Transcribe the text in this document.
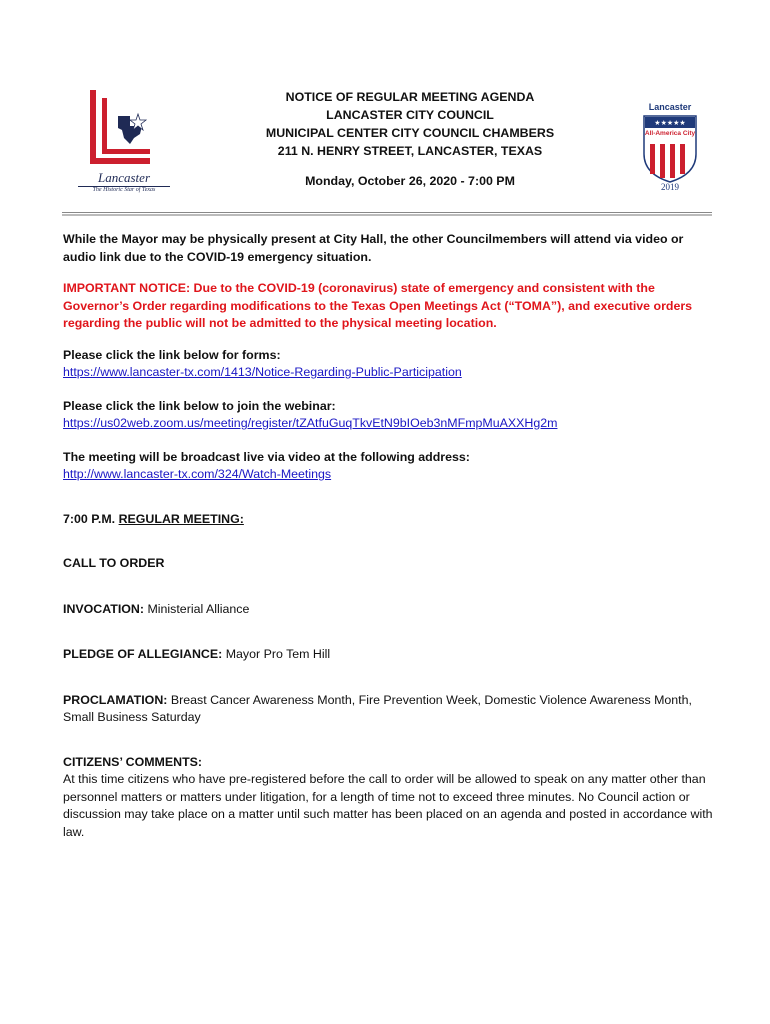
Lancaster
The Historic Star of Texas
Lancaster
★★★★★
All-America City
2019
NOTICE OF REGULAR MEETING AGENDA
LANCASTER CITY COUNCIL
MUNICIPAL CENTER CITY COUNCIL CHAMBERS
211 N. HENRY STREET, LANCASTER, TEXAS
Monday, October 26, 2020 - 7:00 PM

While the Mayor may be physically present at City Hall, the other Councilmembers will attend via video or audio link due to the COVID-19 emergency situation.

IMPORTANT NOTICE: Due to the COVID-19 (coronavirus) state of emergency and consistent with the Governor’s Order regarding modifications to the Texas Open Meetings Act (“TOMA”), and executive orders regarding the public will not be admitted to the physical meeting location.

Please click the link below for forms:

https://www.lancaster-tx.com/1413/Notice-Regarding-Public-Participation

Please click the link below to join the webinar:

https://us02web.zoom.us/meeting/register/tZAtfuGuqTkvEtN9bIOeb3nMFmpMuAXXHg2m

The meeting will be broadcast live via video at the following address:

http://www.lancaster-tx.com/324/Watch-Meetings

7:00 P.M. REGULAR MEETING:

CALL TO ORDER

INVOCATION: Ministerial Alliance

PLEDGE OF ALLEGIANCE: Mayor Pro Tem Hill

PROCLAMATION: Breast Cancer Awareness Month, Fire Prevention Week, Domestic Violence Awareness Month, Small Business Saturday

CITIZENS’ COMMENTS:

At this time citizens who have pre-registered before the call to order will be allowed to speak on any matter other than personnel matters or matters under litigation, for a length of time not to exceed three minutes. No Council action or discussion may take place on a matter until such matter has been placed on an agenda and posted in accordance with law.
